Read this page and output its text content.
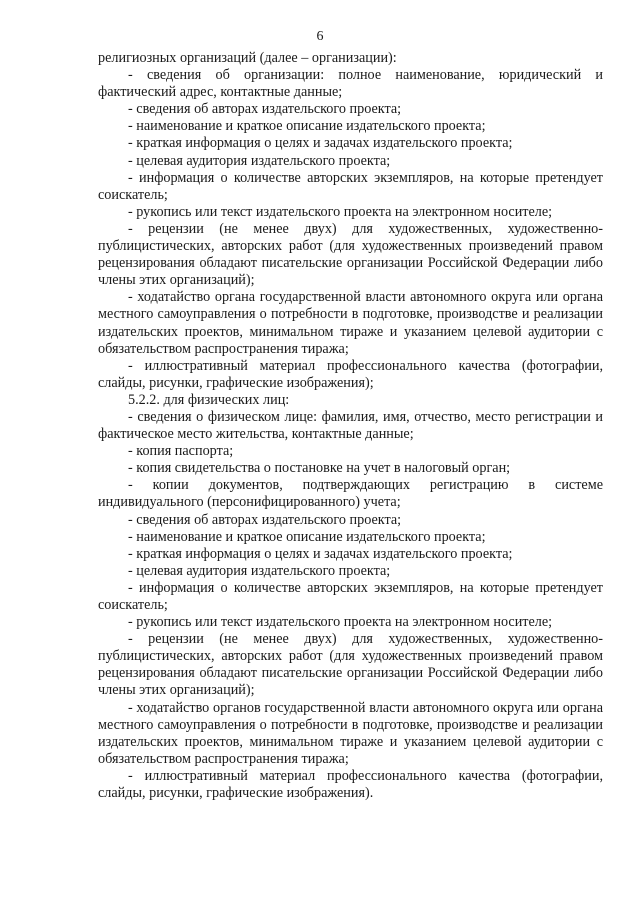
6

религиозных организаций (далее – организации):

- сведения об организации: полное наименование, юридический и фактический адрес, контактные данные;

- сведения об авторах издательского проекта;

- наименование и краткое описание издательского проекта;

- краткая информация о целях и задачах издательского проекта;

- целевая аудитория издательского проекта;

- информация о количестве авторских экземпляров, на которые претендует соискатель;

- рукопись или текст издательского проекта на электронном носителе;

- рецензии (не менее двух) для художественных, художественно-публицистических, авторских работ (для художественных произведений правом рецензирования обладают писательские организации Российской Федерации либо члены этих организаций);

- ходатайство органа государственной власти автономного округа или органа местного самоуправления о потребности в подготовке, производстве и реализации издательских проектов, минимальном тираже и указанием целевой аудитории с обязательством распространения тиража;

- иллюстративный материал профессионального качества (фотографии, слайды, рисунки, графические изображения);

5.2.2. для физических лиц:

- сведения о физическом лице: фамилия, имя, отчество, место регистрации и фактическое место жительства, контактные данные;

- копия паспорта;

- копия свидетельства о постановке на учет в налоговый орган;

- копии документов, подтверждающих регистрацию в системе индивидуального (персонифицированного) учета;

- сведения об авторах издательского проекта;

- наименование и краткое описание издательского проекта;

- краткая информация о целях и задачах издательского проекта;

- целевая аудитория издательского проекта;

- информация о количестве авторских экземпляров, на которые претендует соискатель;

- рукопись или текст издательского проекта на электронном носителе;

- рецензии (не менее двух) для художественных, художественно-публицистических, авторских работ (для художественных произведений правом рецензирования обладают писательские организации Российской Федерации либо члены этих организаций);

- ходатайство органов государственной власти автономного округа или органа местного самоуправления о потребности в подготовке, производстве и реализации издательских проектов, минимальном тираже и указанием целевой аудитории с обязательством распространения тиража;

- иллюстративный материал профессионального качества (фотографии, слайды, рисунки, графические изображения).
